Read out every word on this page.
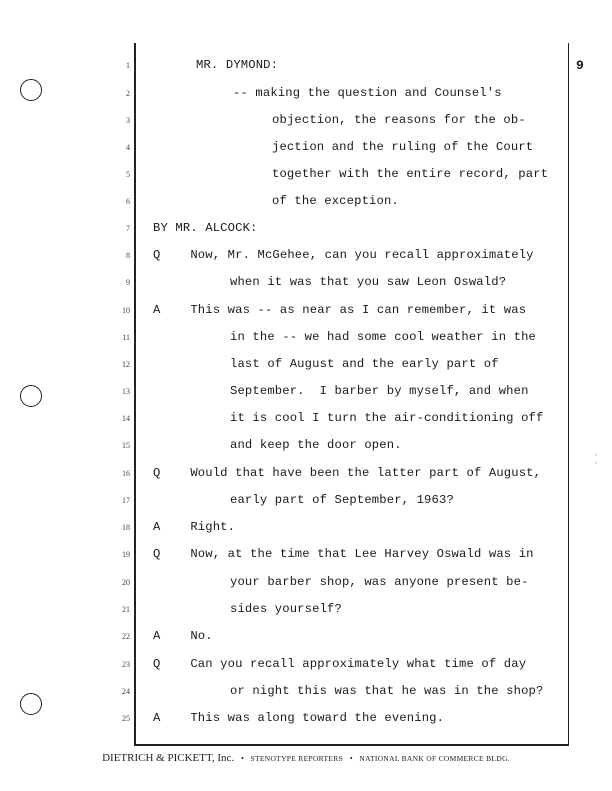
9
1
2
3
4
5
6
7
8
9
10
11
12
13
14
15
16
17
18
19
20
21
22
23
24
25
MR. DYMOND:
-- making the question and Counsel's
objection, the reasons for the ob-
jection and the ruling of the Court
together with the entire record, part
of the exception.
BY MR. ALCOCK:
Q    Now, Mr. McGehee, can you recall approximately
when it was that you saw Leon Oswald?
A    This was -- as near as I can remember, it was
in the -- we had some cool weather in the
last of August and the early part of
September.  I barber by myself, and when
it is cool I turn the air-conditioning off
and keep the door open.
Q    Would that have been the latter part of August,
early part of September, 1963?
A    Right.
Q    Now, at the time that Lee Harvey Oswald was in
your barber shop, was anyone present be-
sides yourself?
A    No.
Q    Can you recall approximately what time of day
or night this was that he was in the shop?
A    This was along toward the evening.
·
·
DIETRICH & PICKETT, Inc. • STENOTYPE REPORTERS • NATIONAL BANK OF COMMERCE BLDG.
